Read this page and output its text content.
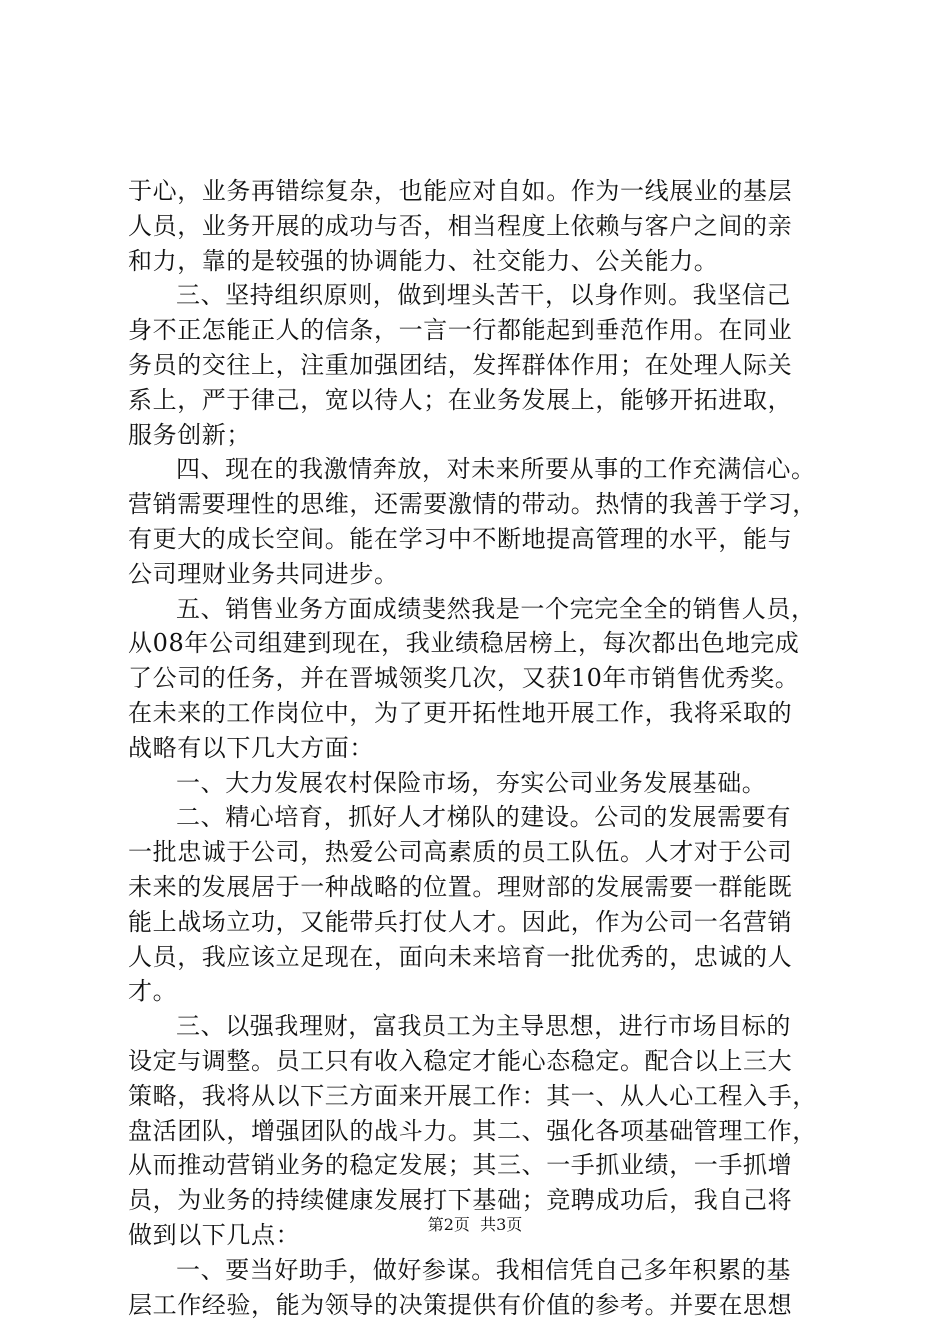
于心，业务再错综复杂，也能应对自如。作为一线展业的基层
人员，业务开展的成功与否，相当程度上依赖与客户之间的亲
和力，靠的是较强的协调能力、社交能力、公关能力。
三、坚持组织原则，做到埋头苦干，以身作则。我坚信己
身不正怎能正人的信条，一言一行都能起到垂范作用。在同业
务员的交往上，注重加强团结，发挥群体作用；在处理人际关
系上，严于律己，宽以待人；在业务发展上，能够开拓进取，
服务创新；
四、现在的我激情奔放，对未来所要从事的工作充满信心。
营销需要理性的思维，还需要激情的带动。热情的我善于学习，
有更大的成长空间。能在学习中不断地提高管理的水平，能与
公司理财业务共同进步。
五、销售业务方面成绩斐然我是一个完完全全的销售人员，
从08年公司组建到现在，我业绩稳居榜上，每次都出色地完成
了公司的任务，并在晋城领奖几次，又获10年市销售优秀奖。
在未来的工作岗位中，为了更开拓性地开展工作，我将采取的
战略有以下几大方面：
一、大力发展农村保险市场，夯实公司业务发展基础。
二、精心培育，抓好人才梯队的建设。公司的发展需要有
一批忠诚于公司，热爱公司高素质的员工队伍。人才对于公司
未来的发展居于一种战略的位置。理财部的发展需要一群能既
能上战场立功，又能带兵打仗人才。因此，作为公司一名营销
人员，我应该立足现在，面向未来培育一批优秀的，忠诚的人
才。
三、以强我理财，富我员工为主导思想，进行市场目标的
设定与调整。员工只有收入稳定才能心态稳定。配合以上三大
策略，我将从以下三方面来开展工作：其一、从人心工程入手，
盘活团队，增强团队的战斗力。其二、强化各项基础管理工作，
从而推动营销业务的稳定发展；其三、一手抓业绩，一手抓增
员，为业务的持续健康发展打下基础；竞聘成功后，我自己将
做到以下几点：
一、要当好助手，做好参谋。我相信凭自己多年积累的基
层工作经验，能为领导的决策提供有价值的参考。并要在思想
第2页 共3页
